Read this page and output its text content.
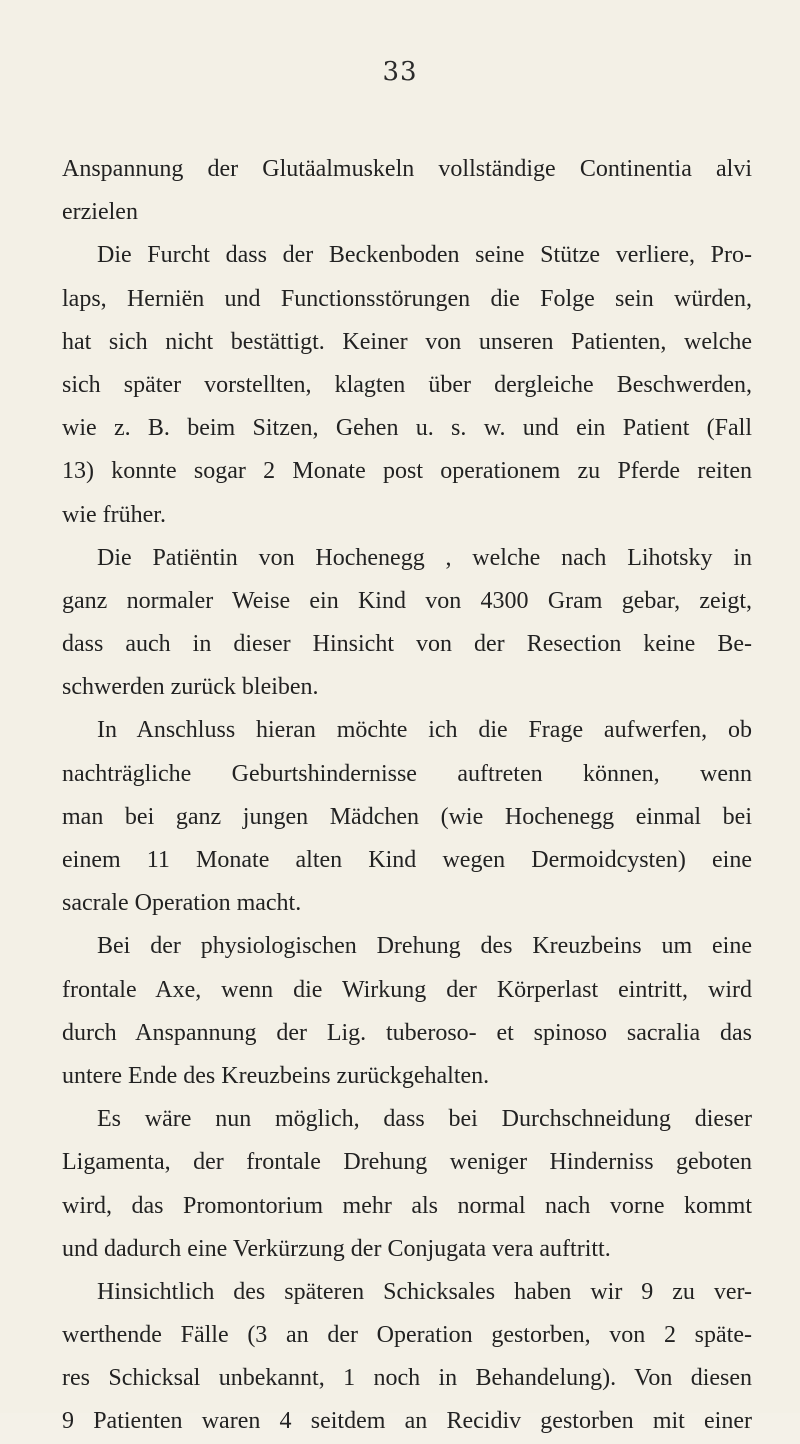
33
Anspannung der Glutäalmuskeln vollständige Continentia alvi
erzielen
Die Furcht dass der Beckenboden seine Stütze verliere, Pro-
laps, Herniën und Functionsstörungen die Folge sein würden,
hat sich nicht bestättigt. Keiner von unseren Patienten, welche
sich später vorstellten, klagten über dergleiche Beschwerden,
wie z. B. beim Sitzen, Gehen u. s. w. und ein Patient (Fall
13) konnte sogar 2 Monate post operationem zu Pferde reiten
wie früher.
Die Patiëntin von Hochenegg , welche nach Lihotsky in
ganz normaler Weise ein Kind von 4300 Gram gebar, zeigt,
dass auch in dieser Hinsicht von der Resection keine Be-
schwerden zurück bleiben.
In Anschluss hieran möchte ich die Frage aufwerfen, ob
nachträgliche Geburtshindernisse auftreten können, wenn
man bei ganz jungen Mädchen (wie Hochenegg einmal bei
einem 11 Monate alten Kind wegen Dermoidcysten) eine
sacrale Operation macht.
Bei der physiologischen Drehung des Kreuzbeins um eine
frontale Axe, wenn die Wirkung der Körperlast eintritt, wird
durch Anspannung der Lig. tuberoso- et spinoso sacralia das
untere Ende des Kreuzbeins zurückgehalten.
Es wäre nun möglich, dass bei Durchschneidung dieser
Ligamenta, der frontale Drehung weniger Hinderniss geboten
wird, das Promontorium mehr als normal nach vorne kommt
und dadurch eine Verkürzung der Conjugata vera auftritt.
Hinsichtlich des späteren Schicksales haben wir 9 zu ver-
werthende Fälle (3 an der Operation gestorben, von 2 späte-
res Schicksal unbekannt, 1 noch in Behandelung). Von diesen
9 Patienten waren 4 seitdem an Recidiv gestorben mit einer
